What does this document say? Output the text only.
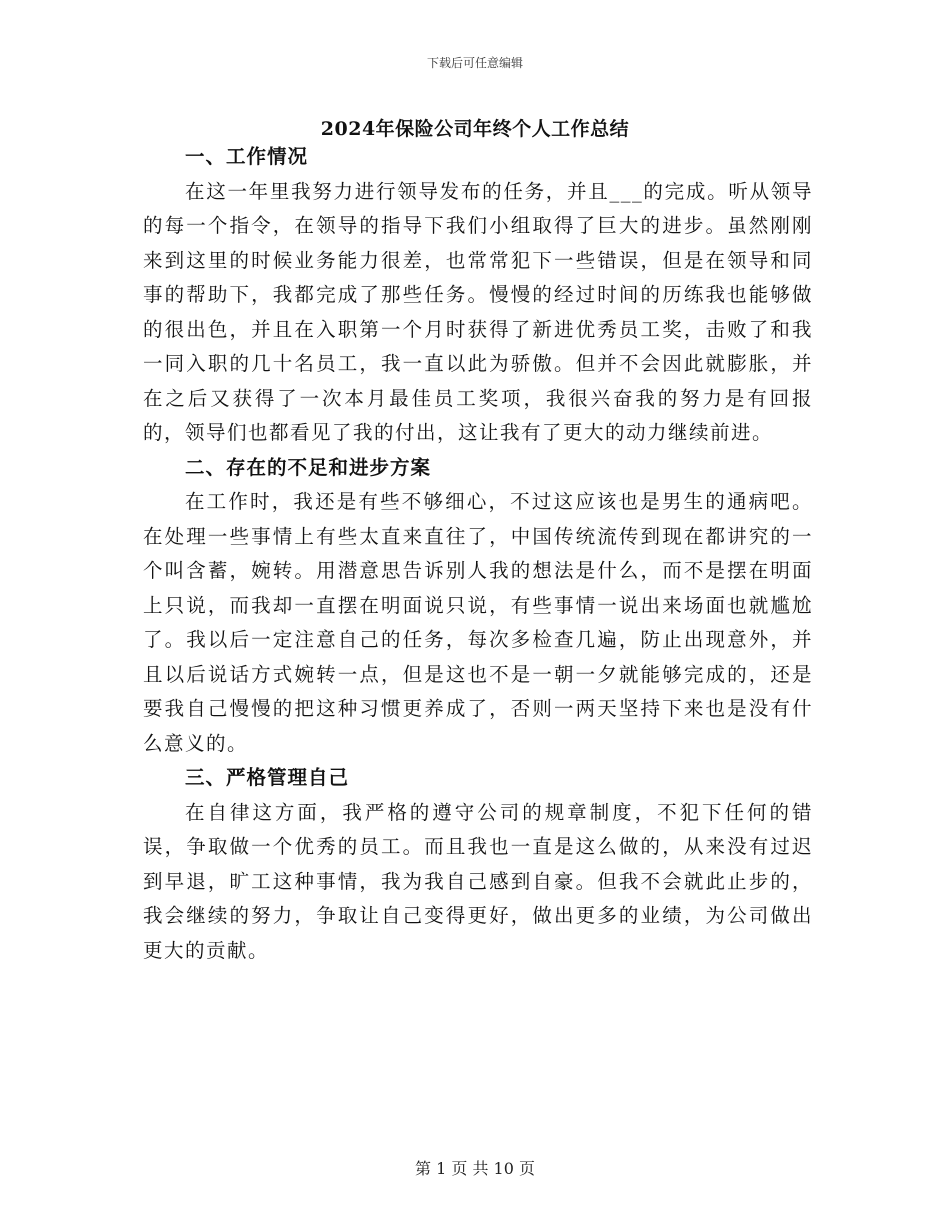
下载后可任意编辑
2024年保险公司年终个人工作总结

一、工作情况

在这一年里我努力进行领导发布的任务，并且___的完成。听从领导的每一个指令，在领导的指导下我们小组取得了巨大的进步。虽然刚刚来到这里的时候业务能力很差，也常常犯下一些错误，但是在领导和同事的帮助下，我都完成了那些任务。慢慢的经过时间的历练我也能够做的很出色，并且在入职第一个月时获得了新进优秀员工奖，击败了和我一同入职的几十名员工，我一直以此为骄傲。但并不会因此就膨胀，并在之后又获得了一次本月最佳员工奖项，我很兴奋我的努力是有回报的，领导们也都看见了我的付出，这让我有了更大的动力继续前进。

二、存在的不足和进步方案

在工作时，我还是有些不够细心，不过这应该也是男生的通病吧。在处理一些事情上有些太直来直往了，中国传统流传到现在都讲究的一个叫含蓄，婉转。用潜意思告诉别人我的想法是什么，而不是摆在明面上只说，而我却一直摆在明面说只说，有些事情一说出来场面也就尴尬了。我以后一定注意自己的任务，每次多检查几遍，防止出现意外，并且以后说话方式婉转一点，但是这也不是一朝一夕就能够完成的，还是要我自己慢慢的把这种习惯更养成了，否则一两天坚持下来也是没有什么意义的。

三、严格管理自己

在自律这方面，我严格的遵守公司的规章制度，不犯下任何的错误，争取做一个优秀的员工。而且我也一直是这么做的，从来没有过迟到早退，旷工这种事情，我为我自己感到自豪。但我不会就此止步的，我会继续的努力，争取让自己变得更好，做出更多的业绩，为公司做出更大的贡献。

第 1 页 共 10 页
